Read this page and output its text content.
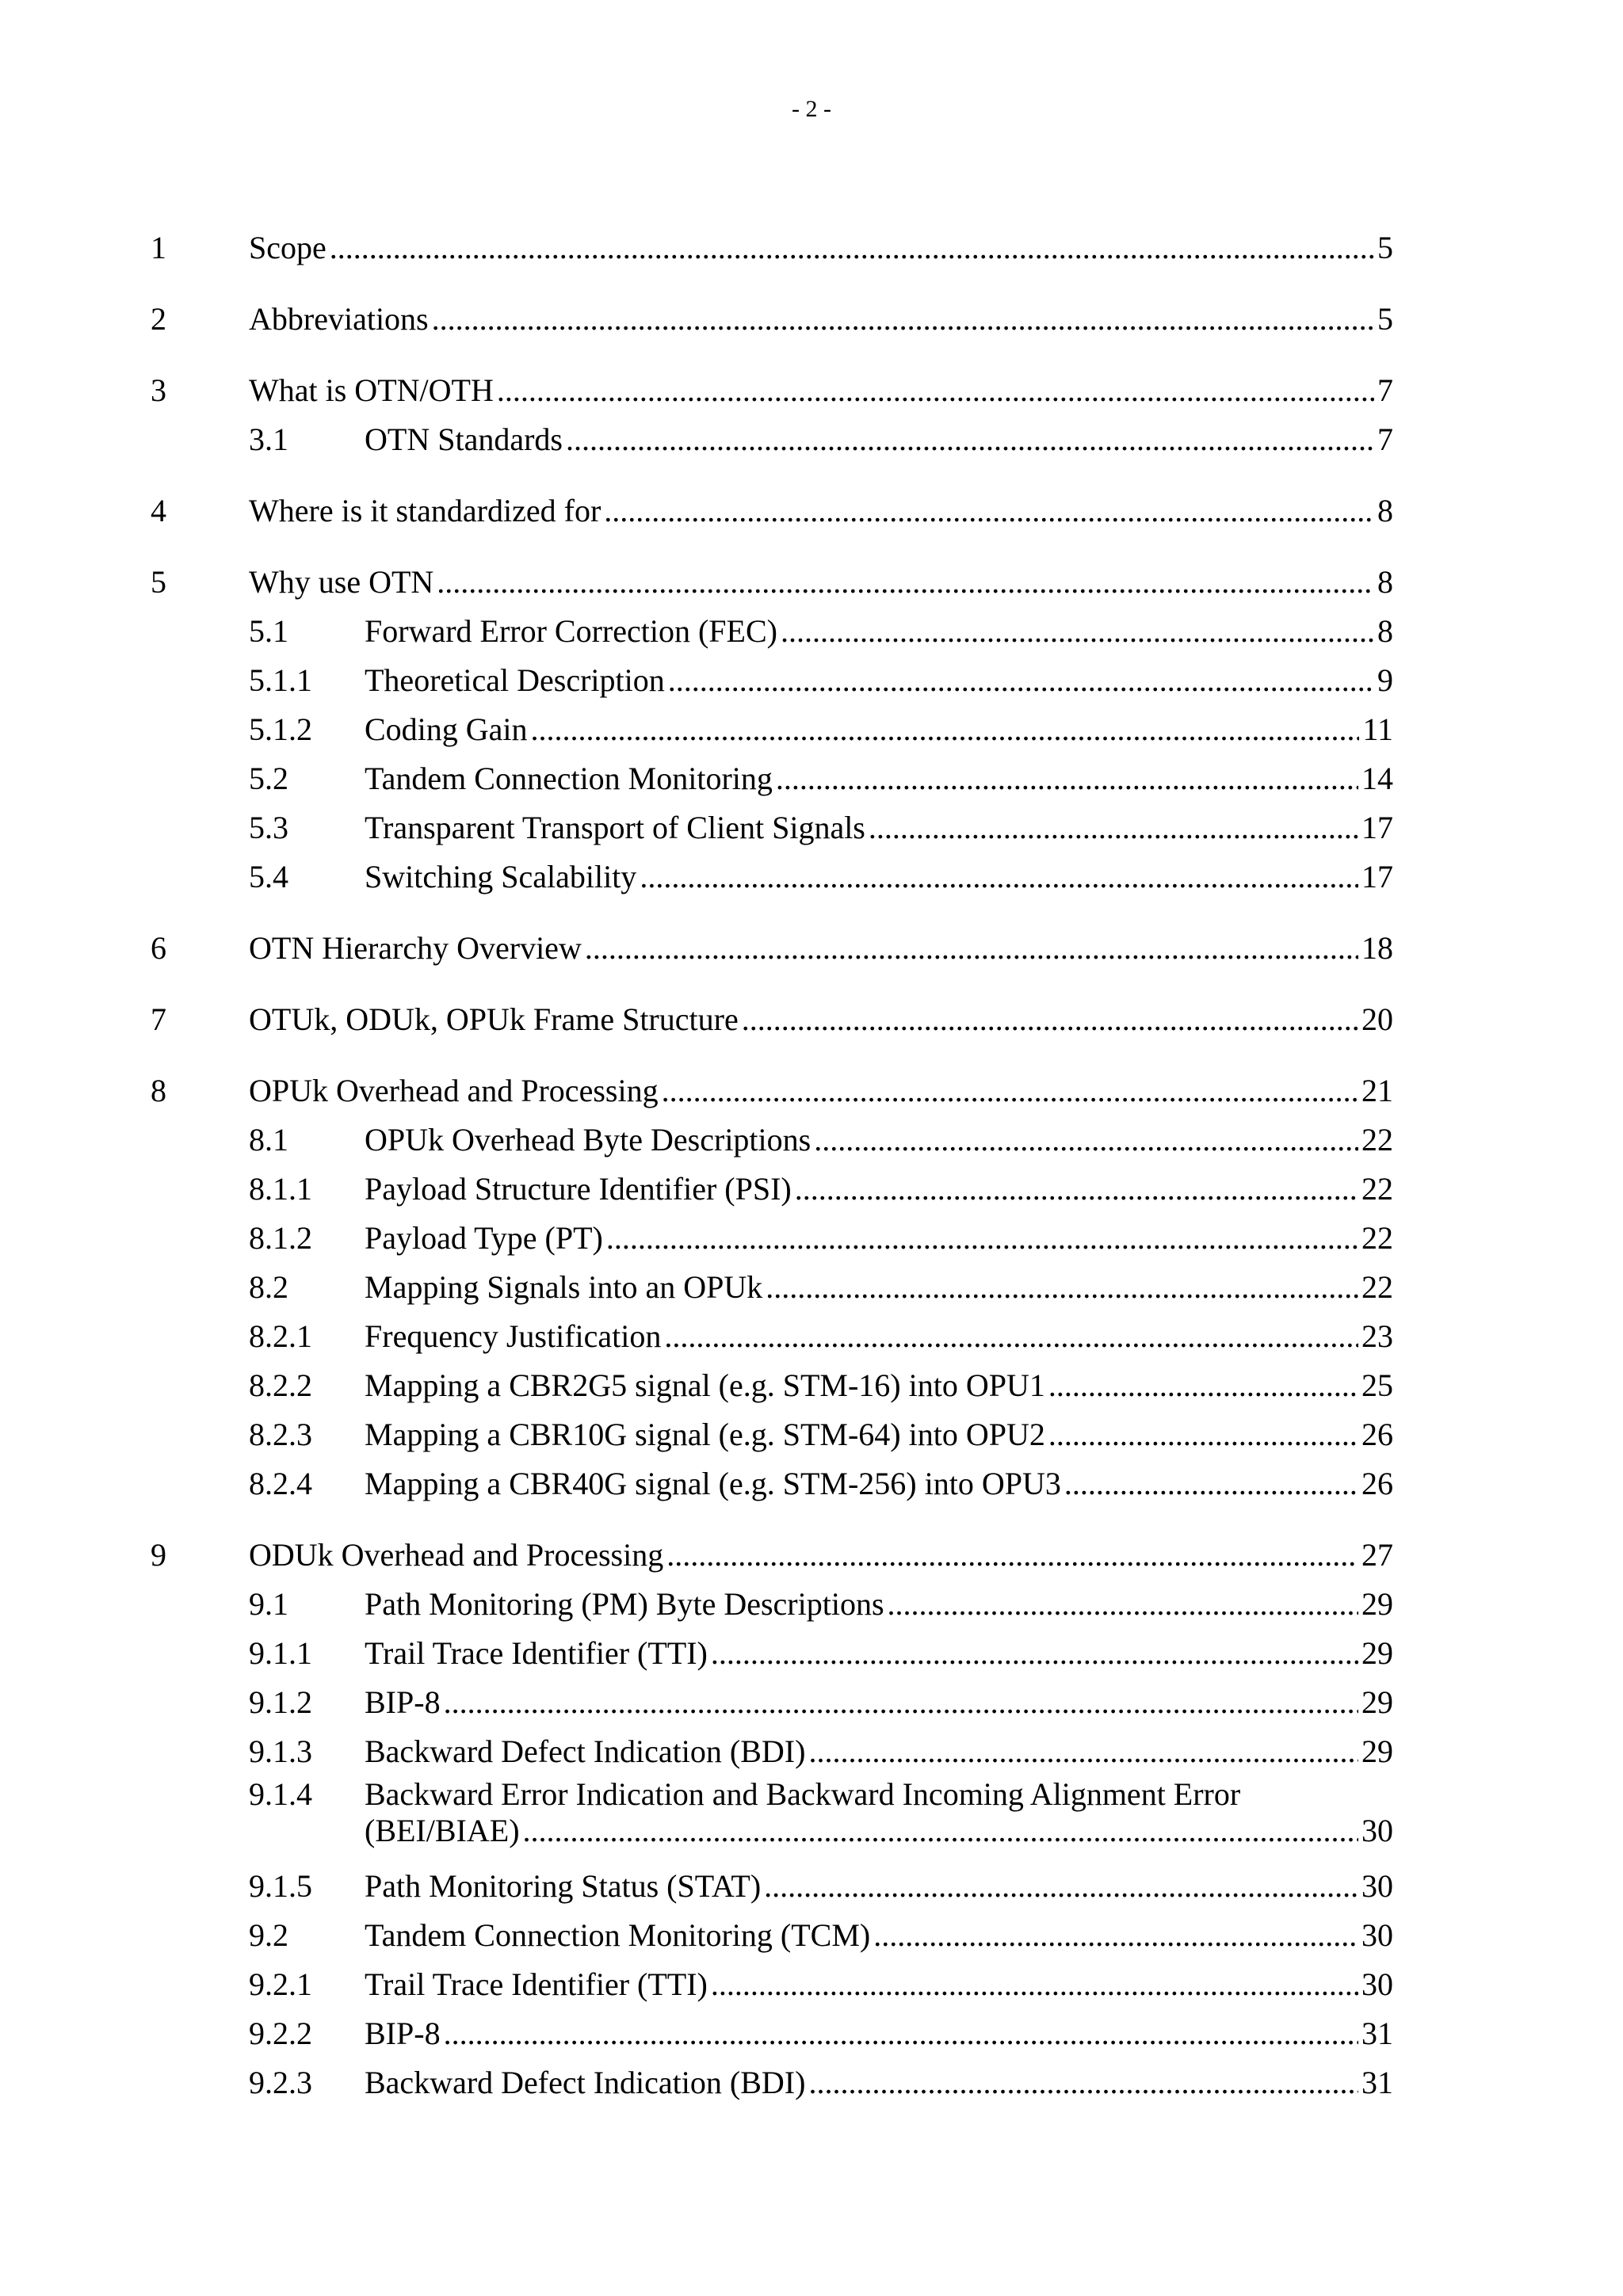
- 2 -
1	Scope .....	5
2	Abbreviations .....	5
3	What is OTN/OTH .....	7
3.1 OTN Standards .....	7
4	Where is it standardized for .....	8
5	Why use OTN .....	8
5.1 Forward Error Correction (FEC) .....	8
5.1.1 Theoretical Description .....	9
5.1.2 Coding Gain .....	11
5.2 Tandem Connection Monitoring .....	14
5.3 Transparent Transport of Client Signals .....	17
5.4 Switching Scalability .....	17
6	OTN Hierarchy Overview .....	18
7	OTUk, ODUk, OPUk Frame Structure .....	20
8	OPUk Overhead and Processing .....	21
8.1 OPUk Overhead Byte Descriptions .....	22
8.1.1 Payload Structure Identifier (PSI) .....	22
8.1.2 Payload Type (PT) .....	22
8.2 Mapping Signals into an OPUk .....	22
8.2.1 Frequency Justification .....	23
8.2.2 Mapping a CBR2G5 signal (e.g. STM-16) into OPU1 .....	25
8.2.3 Mapping a CBR10G signal (e.g. STM-64) into OPU2 .....	26
8.2.4 Mapping a CBR40G signal (e.g. STM-256) into OPU3 .....	26
9	ODUk Overhead and Processing .....	27
9.1 Path Monitoring (PM) Byte Descriptions .....	29
9.1.1 Trail Trace Identifier (TTI) .....	29
9.1.2 BIP-8 .....	29
9.1.3 Backward Defect Indication (BDI) .....	29
9.1.4 Backward Error Indication and Backward Incoming Alignment Error
(BEI/BIAE) .....	30
9.1.5 Path Monitoring Status (STAT) .....	30
9.2 Tandem Connection Monitoring (TCM) .....	30
9.2.1 Trail Trace Identifier (TTI) .....	30
9.2.2 BIP-8 .....	31
9.2.3 Backward Defect Indication (BDI) .....	31
